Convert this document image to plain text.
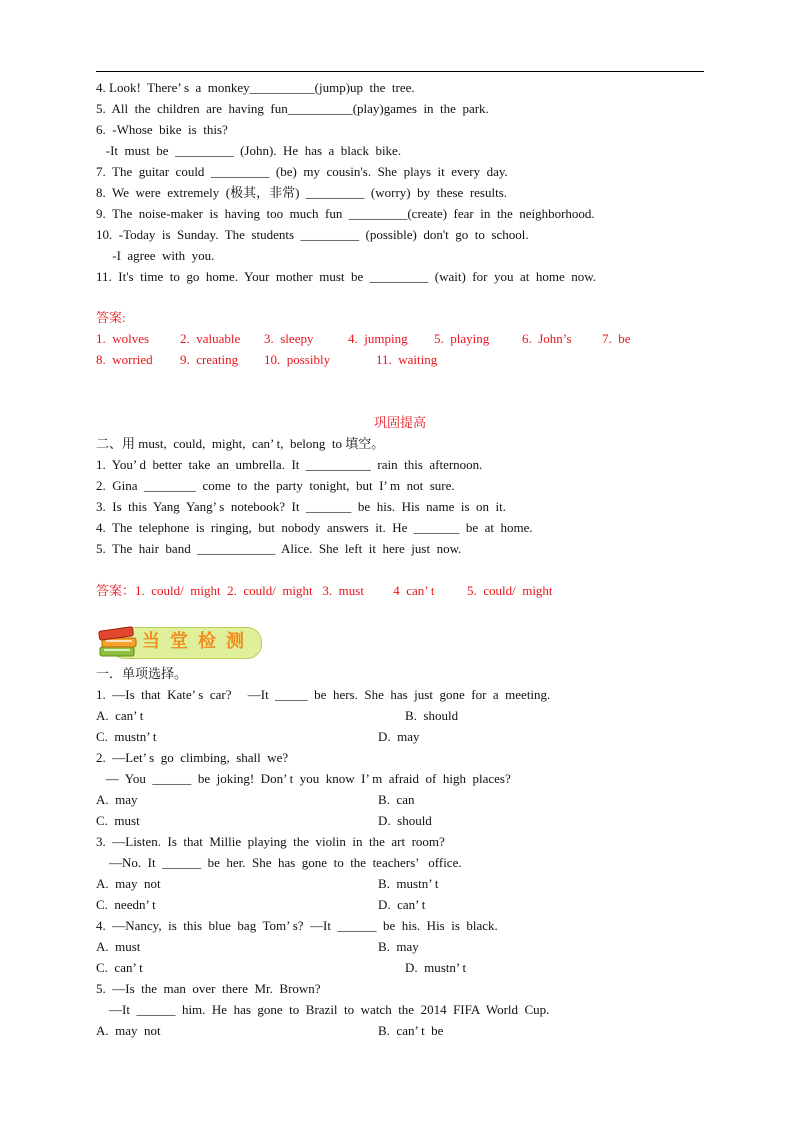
4. Look!  There’ s  a  monkey__________(jump)up  the  tree.
5.  All  the  children  are  having  fun__________(play)games  in  the  park.
6.  -Whose  bike  is  this?
-It  must  be  _________  (John).  He  has  a  black  bike.
7.  The  guitar  could  _________  (be)  my  cousin's.  She  plays  it  every  day.
8.  We  were  extremely  (极其，非常)  _________  (worry)  by  these  results.
9.  The  noise-maker  is  having  too  much  fun  _________(create)  fear  in  the  neighborhood.
10.  -Today  is  Sunday.  The  students  _________  (possible)  don't  go  to  school.
-I  agree  with  you.
11.  It's  time  to  go  home.  Your  mother  must  be  _________  (wait)  for  you  at  home  now.
答案:
1.  wolves 2.  valuable 3.  sleepy	4.  jumping 5.  playing	6.  John’s 7.  be
8.  worried 9.  creating 10.  possibly	11.  waiting
巩固提高
二、用 must,  could,  might,  can’ t,  belong  to 填空。
1.  You’ d  better  take  an  umbrella.  It  __________  rain  this  afternoon.
2.  Gina  ________  come  to  the  party  tonight,  but  I’ m  not  sure.
3.  Is  this  Yang  Yang’ s  notebook?  It  _______  be  his.  His  name  is  on  it.
4.  The  telephone  is  ringing,  but  nobody  answers  it.  He  _______  be  at  home.
5.  The  hair  band  ____________  Alice.  She  left  it  here  just  now.
答案：1.  could/  might  2.  could/  might   3.  must         4  can’ t          5.  could/  might
当堂检测
一．单项选择。
1.  —Is  that  Kate’ s  car?     —It  _____  be  hers.  She  has  just  gone  for  a  meeting.
A.  can’ t	B.  should
C.  mustn’ t	D.  may
2.  —Let’ s  go  climbing,  shall  we?
—  You  ______  be  joking!  Don’ t  you  know  I’ m  afraid  of  high  places?
A.  may	B.  can
C.  must	D.  should
3.  —Listen.  Is  that  Millie  playing  the  violin  in  the  art  room?
—No.  It  ______  be  her.  She  has  gone  to  the  teachers’   office.
A.  may  not	B.  mustn’ t
C.  needn’ t	D.  can’ t
4.  —Nancy,  is  this  blue  bag  Tom’ s?  —It  ______  be  his.  His  is  black.
A.  must	B.  may
C.  can’ t	D.  mustn’ t
5.  —Is  the  man  over  there  Mr.  Brown?
—It  ______  him.  He  has  gone  to  Brazil  to  watch  the  2014  FIFA  World  Cup.
A.  may  not	B.  can’ t  be
